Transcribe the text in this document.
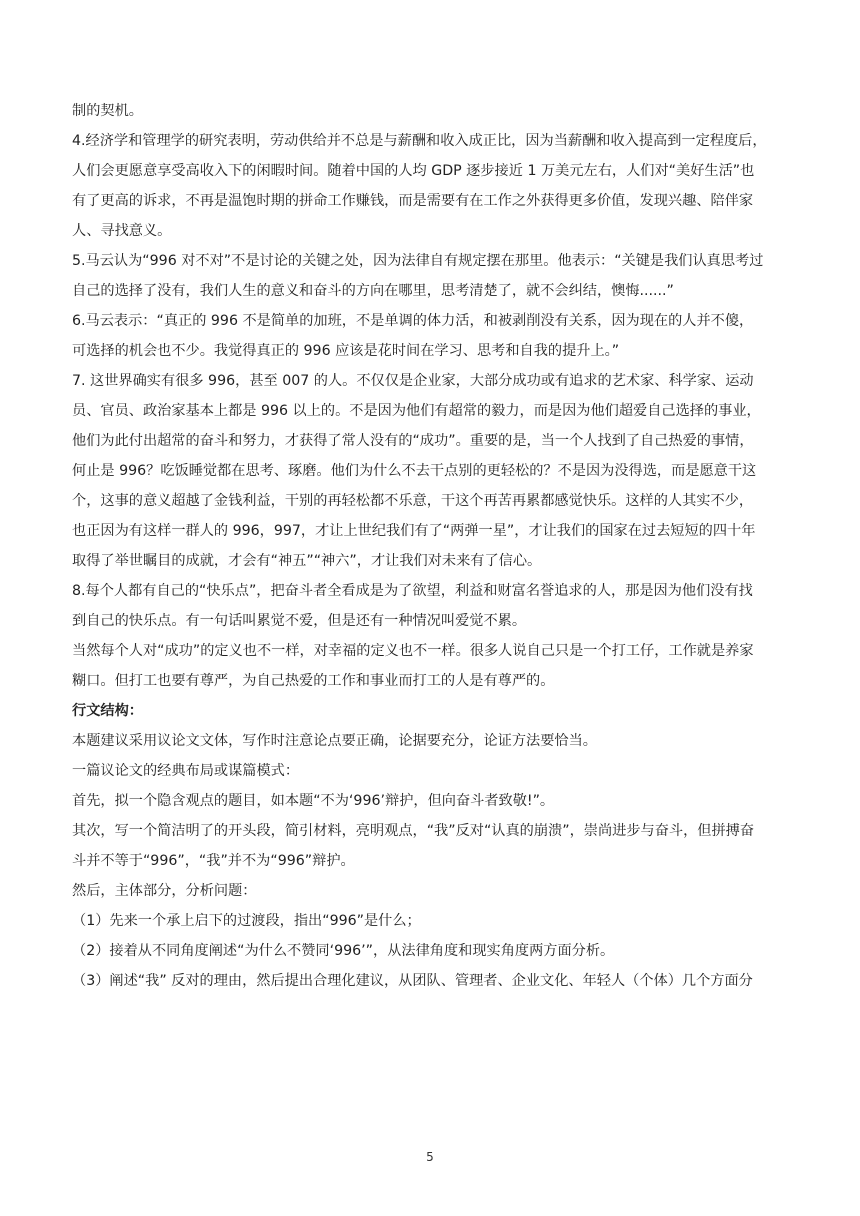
制的契机。

4.经济学和管理学的研究表明，劳动供给并不总是与薪酬和收入成正比，因为当薪酬和收入提高到一定程度后，

人们会更愿意享受高收入下的闲暇时间。随着中国的人均 GDP 逐步接近 1 万美元左右，人们对“美好生活”也

有了更高的诉求，不再是温饱时期的拼命工作赚钱，而是需要有在工作之外获得更多价值，发现兴趣、陪伴家

人、寻找意义。

5.马云认为“996 对不对”不是讨论的关键之处，因为法律自有规定摆在那里。他表示：“关键是我们认真思考过

自己的选择了没有，我们人生的意义和奋斗的方向在哪里，思考清楚了，就不会纠结，懊悔......”

6.马云表示：“真正的 996 不是简单的加班，不是单调的体力活，和被剥削没有关系，因为现在的人并不傻，

可选择的机会也不少。我觉得真正的 996 应该是花时间在学习、思考和自我的提升上。”

7. 这世界确实有很多 996，甚至 007 的人。不仅仅是企业家，大部分成功或有追求的艺术家、科学家、运动

员、官员、政治家基本上都是 996 以上的。不是因为他们有超常的毅力，而是因为他们超爱自己选择的事业，

他们为此付出超常的奋斗和努力，才获得了常人没有的“成功”。重要的是，当一个人找到了自己热爱的事情，

何止是 996？吃饭睡觉都在思考、琢磨。他们为什么不去干点别的更轻松的？不是因为没得选，而是愿意干这

个，这事的意义超越了金钱利益，干别的再轻松都不乐意，干这个再苦再累都感觉快乐。这样的人其实不少，

也正因为有这样一群人的 996，997，才让上世纪我们有了“两弹一星”，才让我们的国家在过去短短的四十年

取得了举世瞩目的成就，才会有“神五”“神六”，才让我们对未来有了信心。

8.每个人都有自己的“快乐点”，把奋斗者全看成是为了欲望，利益和财富名誉追求的人，那是因为他们没有找

到自己的快乐点。有一句话叫累觉不爱，但是还有一种情况叫爱觉不累。

当然每个人对“成功”的定义也不一样，对幸福的定义也不一样。很多人说自己只是一个打工仔，工作就是养家

糊口。但打工也要有尊严，为自己热爱的工作和事业而打工的人是有尊严的。

行文结构：

本题建议采用议论文文体，写作时注意论点要正确，论据要充分，论证方法要恰当。

一篇议论文的经典布局或谋篇模式：

首先，拟一个隐含观点的题目，如本题“不为‘996’辩护，但向奋斗者致敬!”。

其次，写一个简洁明了的开头段，简引材料，亮明观点，“我”反对“认真的崩溃”，崇尚进步与奋斗，但拼搏奋

斗并不等于“996”，“我”并不为“996”辩护。

然后，主体部分，分析问题：

（1）先来一个承上启下的过渡段，指出“996”是什么；

（2）接着从不同角度阐述“为什么不赞同‘996’”，从法律角度和现实角度两方面分析。

（3）阐述“我” 反对的理由，然后提出合理化建议，从团队、管理者、企业文化、年轻人（个体）几个方面分

5
